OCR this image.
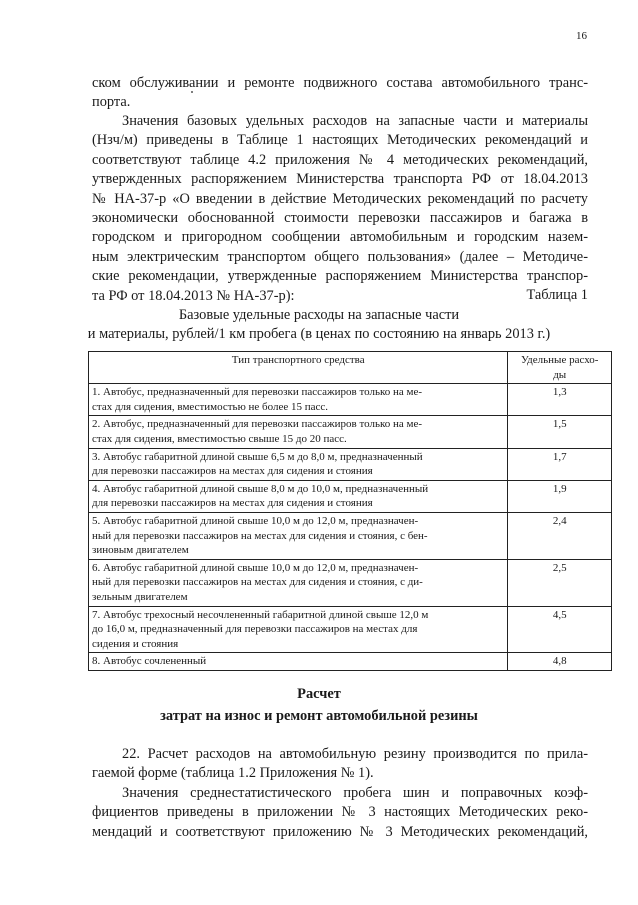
16

ском обслуживании и ремонте подвижного состава автомобильного транс-
порта.

Значения базовых удельных расходов на запасные части и материалы
(Нзч/м) приведены в Таблице 1 настоящих Методических рекомендаций и
соответствуют таблице 4.2 приложения № 4 методических рекомендаций,
утвержденных распоряжением Министерства транспорта РФ от 18.04.2013
№ НА-37-р «О введении в действие Методических рекомендаций по расчету
экономически обоснованной стоимости перевозки пассажиров и багажа в
городском и пригородном сообщении автомобильным и городским назем-
ным электрическим транспортом общего пользования» (далее – Методиче-
ские рекомендации, утвержденные распоряжением Министерства транспор-
та РФ от 18.04.2013 № НА-37-р):	Таблица 1
Базовые удельные расходы на запасные части
и материалы, рублей/1 км пробега (в ценах по состоянию на январь 2013 г.)
Тип транспортного средства	Удельные расхо-
ды
1. Автобус, предназначенный для перевозки пассажиров только на ме-
стах для сидения, вместимостью не более 15 пасс.	1,3
2. Автобус, предназначенный для перевозки пассажиров только на ме-
стах для сидения, вместимостью свыше 15 до 20 пасс.	1,5
3. Автобус габаритной длиной свыше 6,5 м до 8,0 м, предназначенный
для перевозки пассажиров на местах для сидения и стояния	1,7
4. Автобус габаритной длиной свыше 8,0 м до 10,0 м, предназначенный
для перевозки пассажиров на местах для сидения и стояния	1,9
5. Автобус габаритной длиной свыше 10,0 м до 12,0 м, предназначен-
ный для перевозки пассажиров на местах для сидения и стояния, с бен-
зиновым двигателем	2,4
6. Автобус габаритной длиной свыше 10,0 м до 12,0 м, предназначен-
ный для перевозки пассажиров на местах для сидения и стояния, с ди-
зельным двигателем	2,5
7. Автобус трехосный несочлененный габаритной длиной свыше 12,0 м
до 16,0 м, предназначенный для перевозки пассажиров на местах для
сидения и стояния	4,5
8. Автобус сочлененный	4,8
Расчет
затрат на износ и ремонт автомобильной резины

22. Расчет расходов на автомобильную резину производится по прила-
гаемой форме (таблица 1.2 Приложения № 1).

Значения среднестатистического пробега шин и поправочных коэф-
фициентов приведены в приложении № 3 настоящих Методических реко-
мендаций и соответствуют приложению № 3 Методических рекомендаций,
